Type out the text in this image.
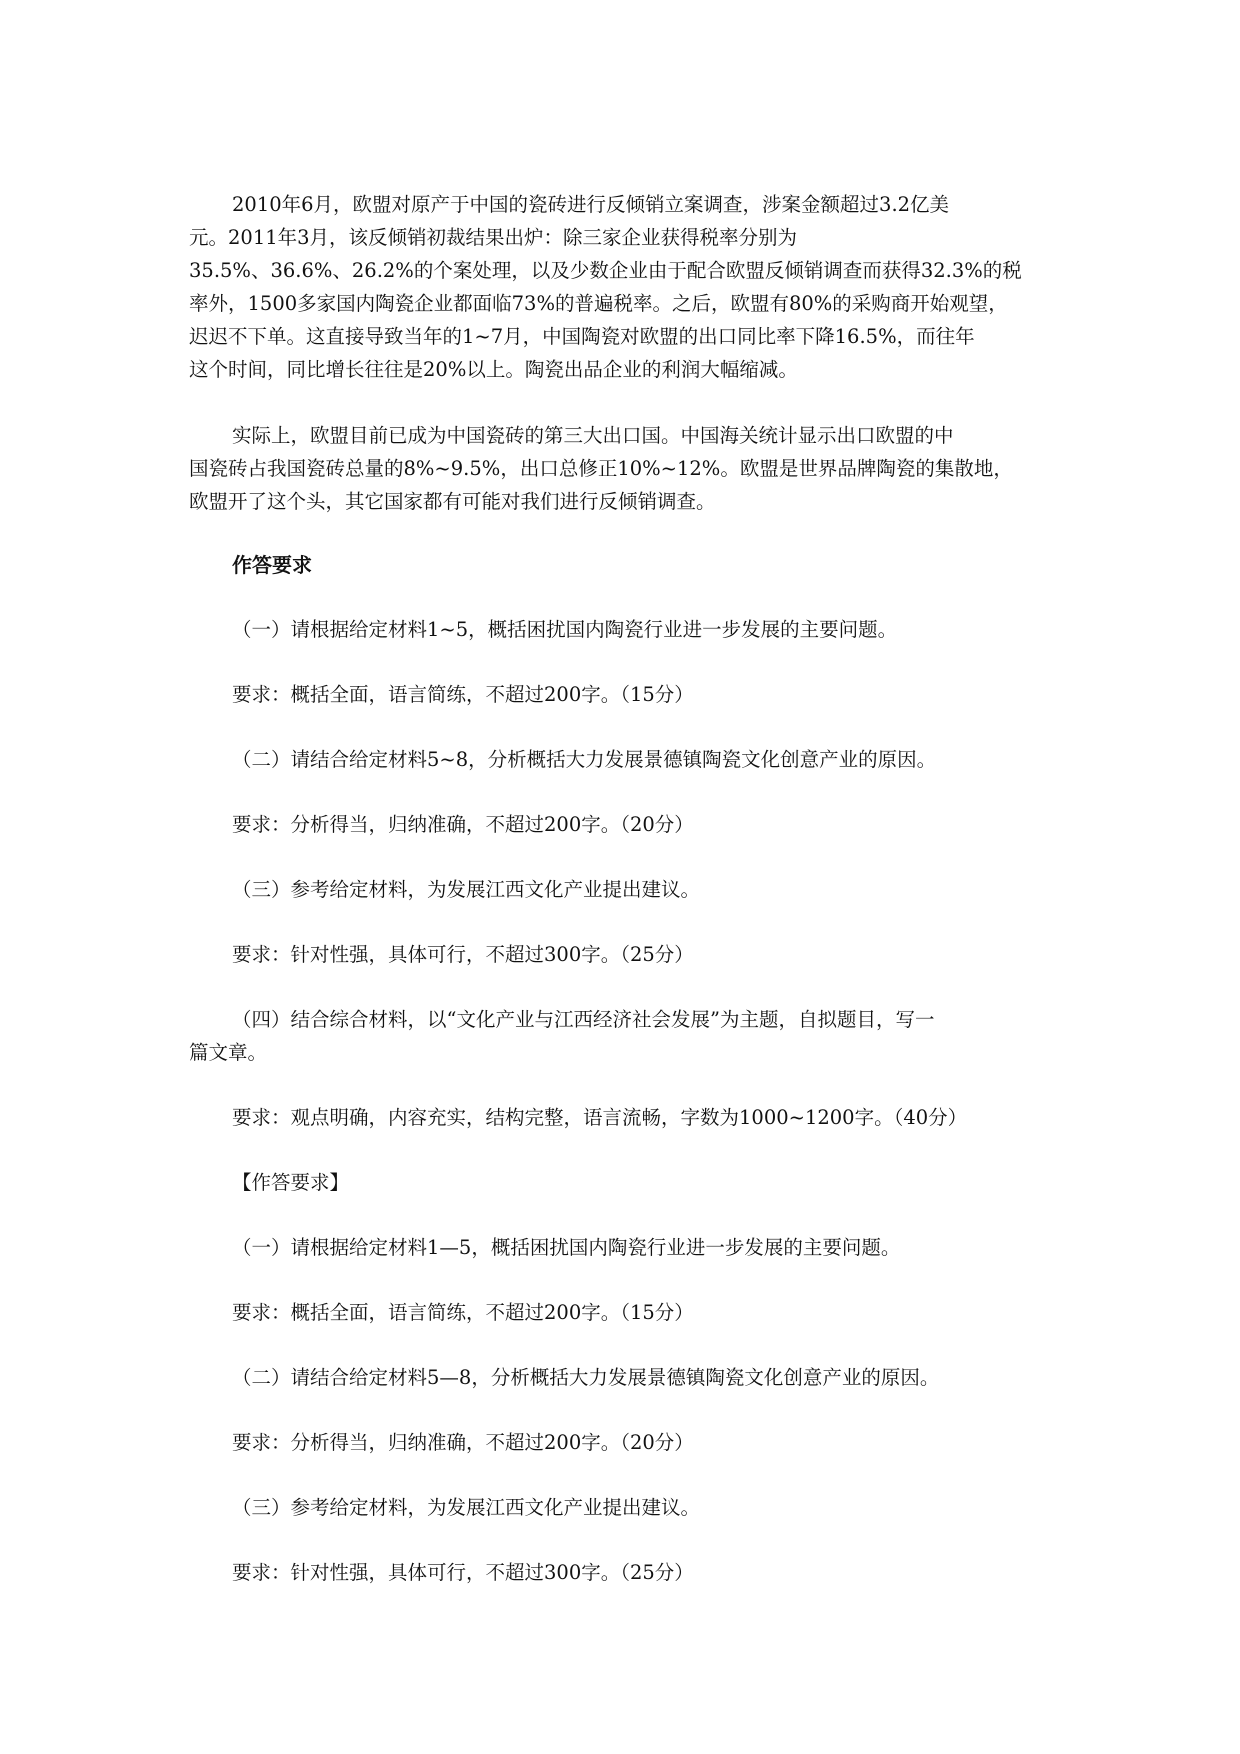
2010年6月，欧盟对原产于中国的瓷砖进行反倾销立案调查，涉案金额超过3.2亿美
元。2011年3月，该反倾销初裁结果出炉：除三家企业获得税率分别为
35.5%、36.6%、26.2%的个案处理，以及少数企业由于配合欧盟反倾销调查而获得32.3%的税
率外，1500多家国内陶瓷企业都面临73%的普遍税率。之后，欧盟有80%的采购商开始观望，
迟迟不下单。这直接导致当年的1~7月，中国陶瓷对欧盟的出口同比率下降16.5%，而往年
这个时间，同比增长往往是20%以上。陶瓷出品企业的利润大幅缩减。
实际上，欧盟目前已成为中国瓷砖的第三大出口国。中国海关统计显示出口欧盟的中
国瓷砖占我国瓷砖总量的8%~9.5%，出口总修正10%~12%。欧盟是世界品牌陶瓷的集散地，
欧盟开了这个头，其它国家都有可能对我们进行反倾销调查。

作答要求

（一）请根据给定材料1~5，概括困扰国内陶瓷行业进一步发展的主要问题。

要求：概括全面，语言简练，不超过200字。（15分）

（二）请结合给定材料5~8，分析概括大力发展景德镇陶瓷文化创意产业的原因。

要求：分析得当，归纳准确，不超过200字。（20分）

（三）参考给定材料，为发展江西文化产业提出建议。

要求：针对性强，具体可行，不超过300字。（25分）

（四）结合综合材料，以“文化产业与江西经济社会发展”为主题，自拟题目，写一
篇文章。

要求：观点明确，内容充实，结构完整，语言流畅，字数为1000~1200字。（40分）

【作答要求】

（一）请根据给定材料1—5，概括困扰国内陶瓷行业进一步发展的主要问题。

要求：概括全面，语言简练，不超过200字。（15分）

（二）请结合给定材料5—8，分析概括大力发展景德镇陶瓷文化创意产业的原因。

要求：分析得当，归纳准确，不超过200字。（20分）

（三）参考给定材料，为发展江西文化产业提出建议。

要求：针对性强，具体可行，不超过300字。（25分）
